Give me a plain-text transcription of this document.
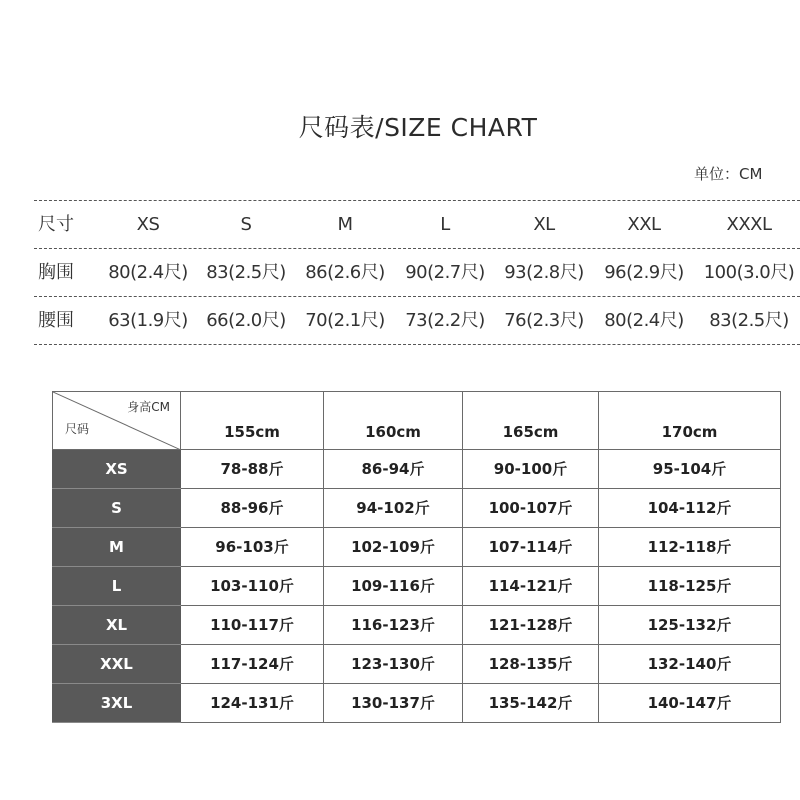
尺码表/SIZE CHART
单位：CM
尺寸	XS	S	M	L	XL	XXL	XXXL
胸围	80(2.4尺)	83(2.5尺)	86(2.6尺)	90(2.7尺)	93(2.8尺)	96(2.9尺)	100(3.0尺)
腰围	63(1.9尺)	66(2.0尺)	70(2.1尺)	73(2.2尺)	76(2.3尺)	80(2.4尺)	83(2.5尺)
身高CM
尺码	155cm	160cm	165cm	170cm
XS	78-88斤	86-94斤	90-100斤	95-104斤
S	88-96斤	94-102斤	100-107斤	104-112斤
M	96-103斤	102-109斤	107-114斤	112-118斤
L	103-110斤	109-116斤	114-121斤	118-125斤
XL	110-117斤	116-123斤	121-128斤	125-132斤
XXL	117-124斤	123-130斤	128-135斤	132-140斤
3XL	124-131斤	130-137斤	135-142斤	140-147斤
